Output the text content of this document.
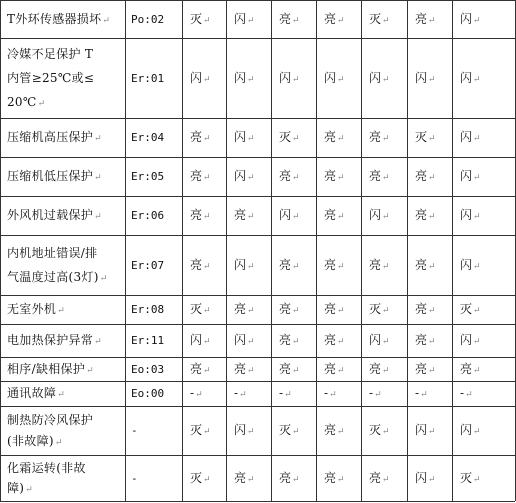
T外环传感器损坏↵ Po:02 灭↵ 闪↵ 亮↵ 亮↵ 灭↵ 亮↵ 闪↵
冷媒不足保护 T
内管≥25℃或≤
20℃↵
Er:01 闪↵ 闪↵ 闪↵ 闪↵ 闪↵ 闪↵ 闪↵
压缩机高压保护↵	Er:04 亮↵ 闪↵ 灭↵ 亮↵ 亮↵ 灭↵ 闪↵
压缩机低压保护↵	Er:05 亮↵ 闪↵ 亮↵ 亮↵ 亮↵ 亮↵ 闪↵
外风机过载保护↵	Er:06 亮↵ 亮↵ 闪↵ 亮↵ 闪↵ 亮↵ 闪↵
内机地址错误/排
气温度过高(3灯)↵
Er:07 亮↵ 闪↵ 亮↵ 亮↵ 亮↵ 亮↵ 闪↵
无室外机↵	Er:08 灭↵ 亮↵ 亮↵ 亮↵ 灭↵ 亮↵ 灭↵
电加热保护异常↵	Er:11 闪↵ 闪↵ 亮↵ 亮↵ 闪↵ 亮↵ 闪↵
相序/缺相保护↵	Eo:03 亮↵ 亮↵ 亮↵ 亮↵ 亮↵ 亮↵ 亮↵
通讯故障↵	Eo:00 -↵	-↵	-↵	-↵	-↵	-↵	-↵
制热防冷风保护
(非故障)↵
-	灭↵ 闪↵ 灭↵ 亮↵ 灭↵ 闪↵ 闪↵
化霜运转(非故
障)↵
-	灭↵ 亮↵ 亮↵ 亮↵ 亮↵ 闪↵ 灭↵
